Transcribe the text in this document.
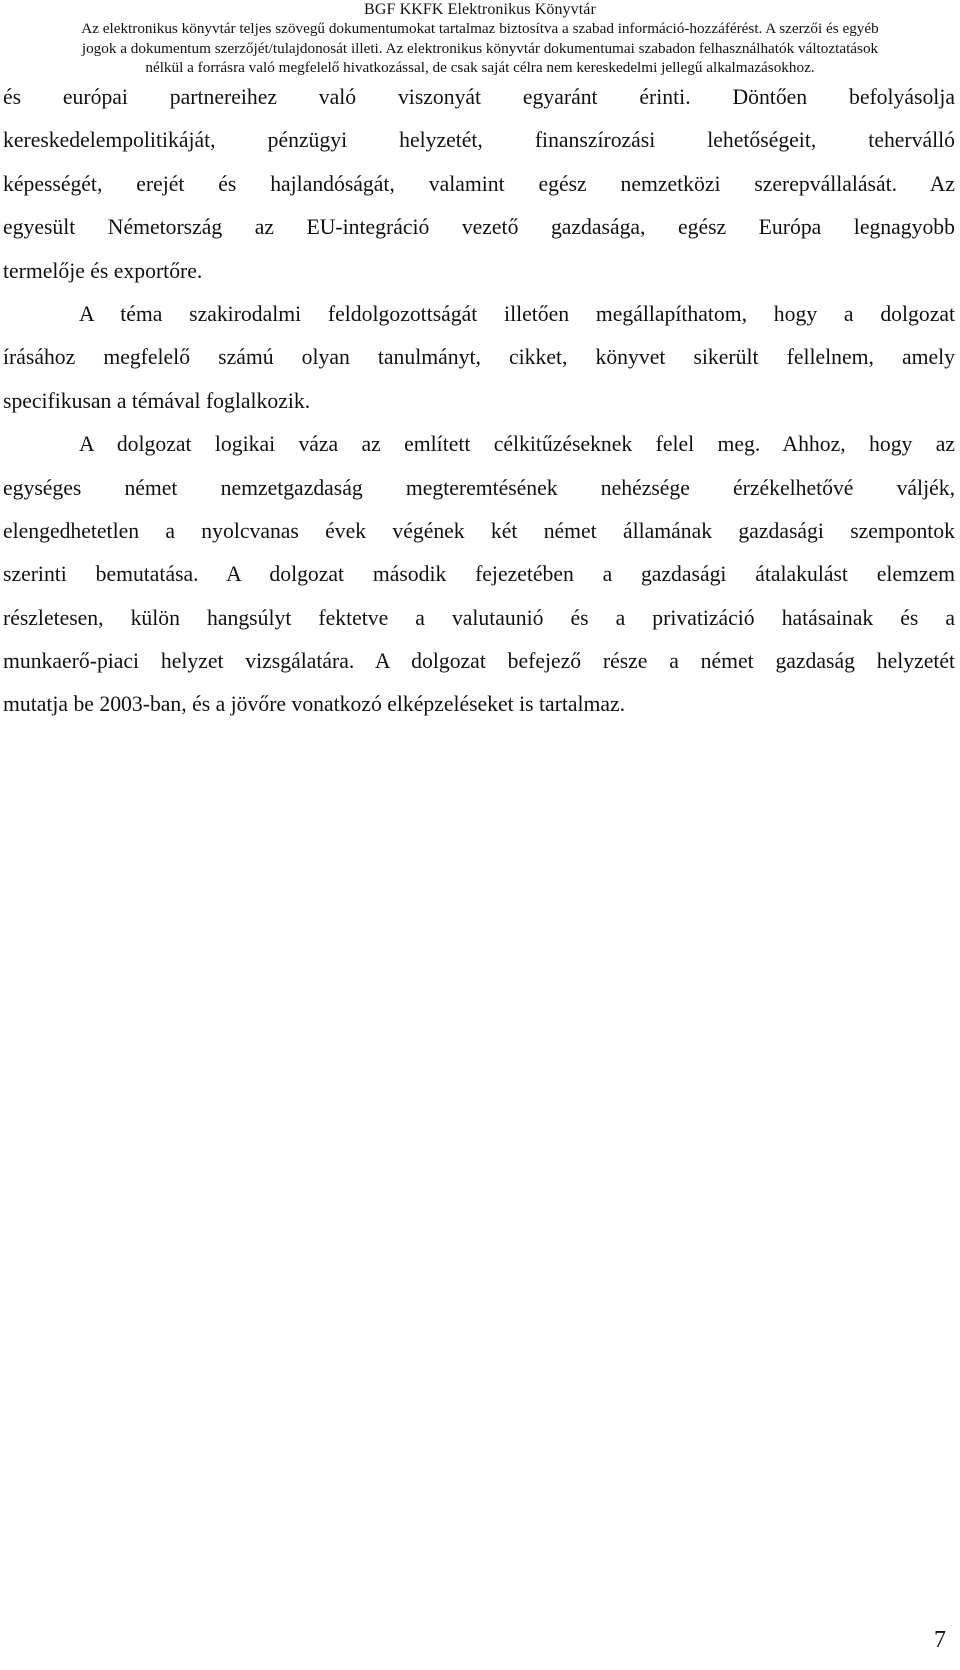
BGF KKFK Elektronikus Könyvtár
Az elektronikus könyvtár teljes szövegű dokumentumokat tartalmaz biztosítva a szabad információ-hozzáférést. A szerzői és egyéb
jogok a dokumentum szerzőjét/tulajdonosát illeti. Az elektronikus könyvtár dokumentumai szabadon felhasználhatók változtatások
nélkül a forrásra való megfelelő hivatkozással, de csak saját célra nem kereskedelmi jellegű alkalmazásokhoz.
és európai partnereihez való viszonyát egyaránt érinti. Döntően befolyásolja
kereskedelempolitikáját, pénzügyi helyzetét, finanszírozási lehetőségeit, teherválló
képességét, erejét és hajlandóságát, valamint egész nemzetközi szerepvállalását. Az
egyesült Németország az EU-integráció vezető gazdasága, egész Európa legnagyobb
termelője és exportőre.
A téma szakirodalmi feldolgozottságát illetően megállapíthatom, hogy a dolgozat
írásához megfelelő számú olyan tanulmányt, cikket, könyvet sikerült fellelnem, amely
specifikusan a témával foglalkozik.
A dolgozat logikai váza az említett célkitűzéseknek felel meg. Ahhoz, hogy az
egységes német nemzetgazdaság megteremtésének nehézsége érzékelhetővé váljék,
elengedhetetlen a nyolcvanas évek végének két német államának gazdasági szempontok
szerinti bemutatása. A dolgozat második fejezetében a gazdasági átalakulást elemzem
részletesen, külön hangsúlyt fektetve a valutaunió és a privatizáció hatásainak és a
munkaerő-piaci helyzet vizsgálatára. A dolgozat befejező része a német gazdaság helyzetét
mutatja be 2003-ban, és a jövőre vonatkozó elképzeléseket is tartalmaz.
7
